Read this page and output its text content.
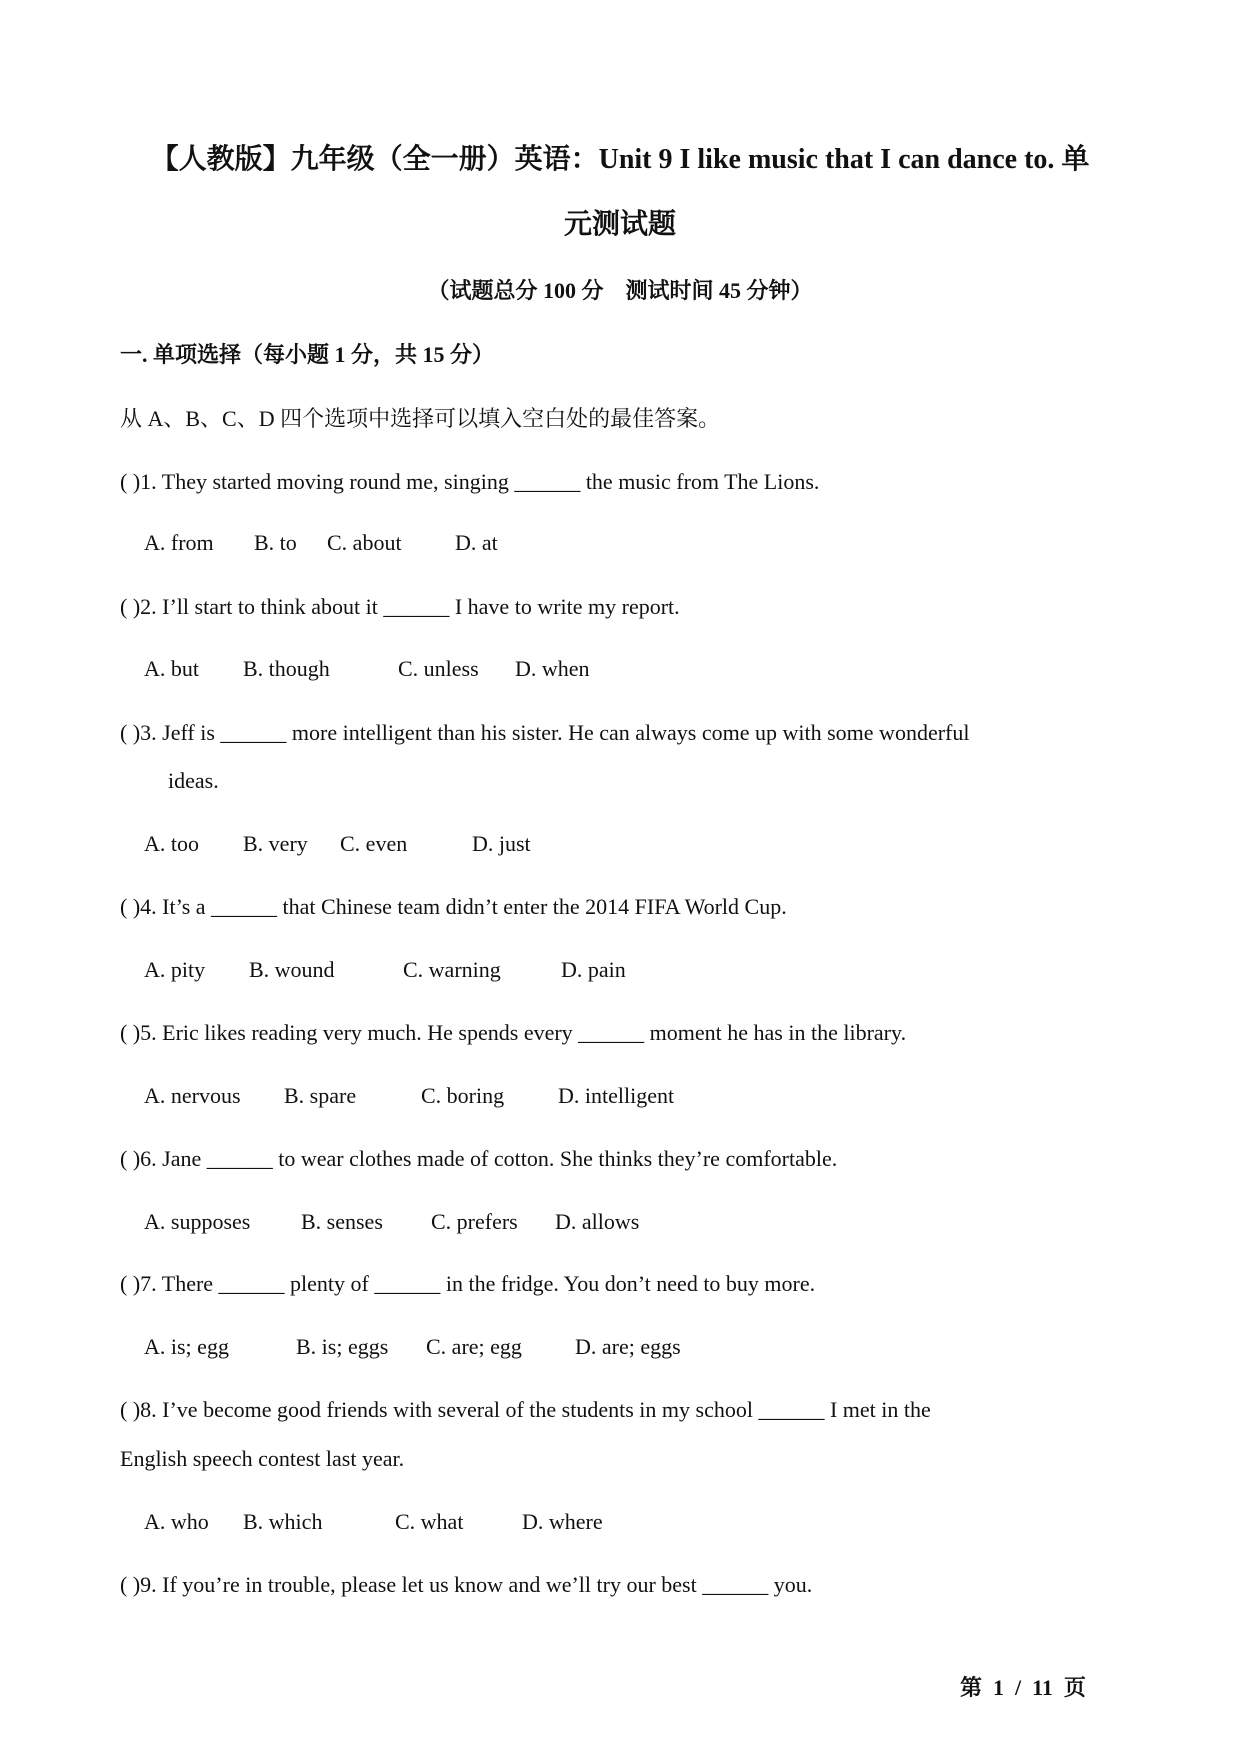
【人教版】九年级（全一册）英语：Unit 9 I like music that I can dance to. 单
元测试题
（试题总分 100 分　测试时间 45 分钟）
一. 单项选择（每小题 1 分，共 15 分）
从 A、B、C、D 四个选项中选择可以填入空白处的最佳答案。
( )1. They started moving round me, singing ______ the music from The Lions.
A. from B. to C. about D. at
( )2. I’ll start to think about it ______ I have to write my report.
A. but B. though	C. unless D. when
( )3. Jeff is ______ more intelligent than his sister. He can always come up with some wonderful
ideas.
A. too B. very C. even	D. just
( )4. It’s a ______ that Chinese team didn’t enter the 2014 FIFA World Cup.
A. pity B. wound	C. warning	D. pain
( )5. Eric likes reading very much. He spends every ______ moment he has in the library.
A. nervous B. spare	C. boring D. intelligent
( )6. Jane ______ to wear clothes made of cotton. She thinks they’re comfortable.
A. supposes B. senses C. prefers D. allows
( )7. There ______ plenty of ______ in the fridge. You don’t need to buy more.
A. is; egg	B. is; eggs C. are; egg D. are; eggs
( )8. I’ve become good friends with several of the students in my school ______ I met in the
English speech contest last year.
A. who B. which	C. what	D. where
( )9. If you’re in trouble, please let us know and we’ll try our best ______ you.
第  1  /  11  页
